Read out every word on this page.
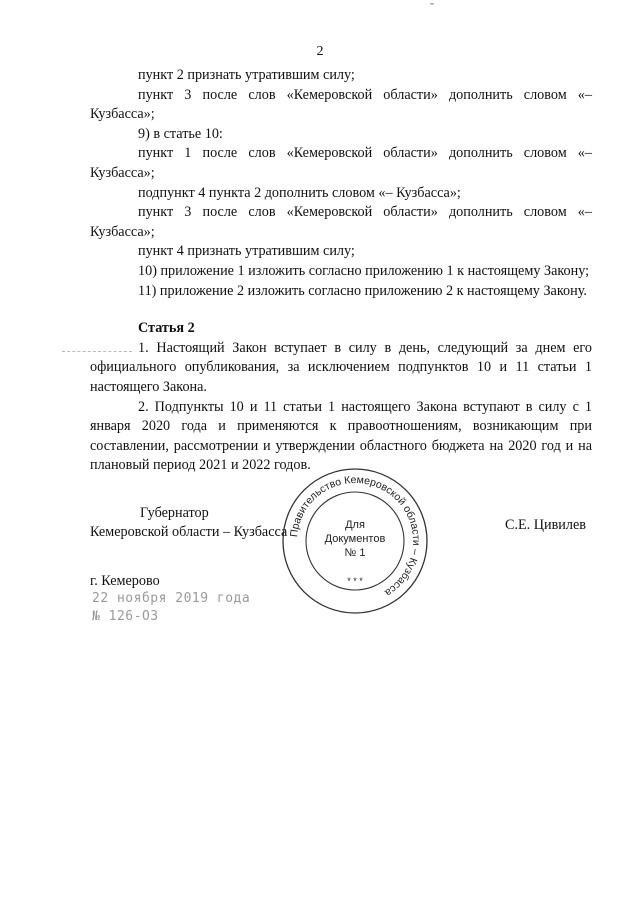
˘
2

пункт 2 признать утратившим силу;

пункт 3 после слов «Кемеровской области» дополнить словом «– Кузбасса»;

9) в статье 10:

пункт 1 после слов «Кемеровской области» дополнить словом «– Кузбасса»;

подпункт 4 пункта 2 дополнить словом «– Кузбасса»;

пункт 3 после слов «Кемеровской области» дополнить словом «– Кузбасса»;

пункт 4 признать утратившим силу;

10) приложение 1 изложить согласно приложению 1 к настоящему Закону;

11) приложение 2 изложить согласно приложению 2 к настоящему Закону.

Статья 2

1. Настоящий Закон вступает в силу в день, следующий за днем его официального опубликования, за исключением подпунктов 10 и 11 статьи 1 настоящего Закона.

2. Подпункты 10 и 11 статьи 1 настоящего Закона вступают в силу с 1 января 2020 года и применяются к правоотношениям, возникающим при составлении, рассмотрении и утверждении областного бюджета на 2020 год и на плановый период 2021 и 2022 годов.

Правительство Кемеровской области – Кузбасса
Для
Документов
№ 1
* * *
Губернатор
Кемеровской области – Кузбасса	С.Е. Цивилев
г. Кемерово
22 ноября 2019 года
№ 126-ОЗ
